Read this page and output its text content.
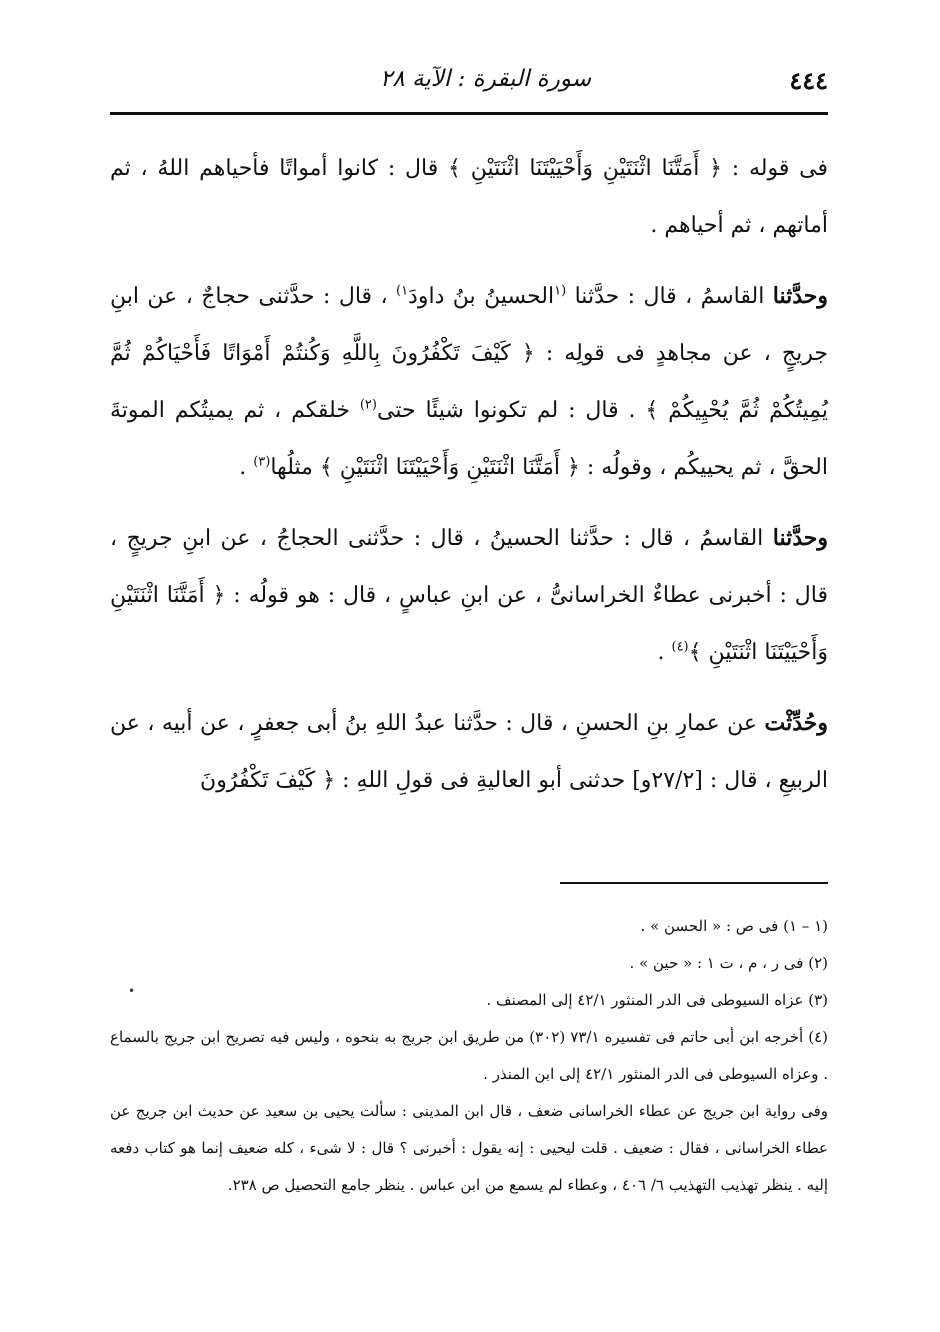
٤٤٤
سورة البقرة : الآية ٢٨

فى قوله : ﴿ أَمَتَّنَا اثْنَتَيْنِ وَأَحْيَيْتَنَا اثْنَتَيْنِ ﴾ قال : كانوا أمواتًا فأحياهم اللهُ ، ثم أماتهم ، ثم أحياهم .

وحدَّثنا القاسمُ ، قال : حدَّثنا $^{(١}$الحسينُ بنُ داودَ$^{١)}$ ، قال : حدَّثنى حجاجٌ ، عن ابنِ جريجٍ ، عن مجاهدٍ فى قولِه : ﴿ كَيْفَ تَكْفُرُونَ بِاللَّهِ وَكُنتُمْ أَمْوَاتًا فَأَحْيَاكُمْ ثُمَّ يُمِيتُكُمْ ثُمَّ يُحْيِيكُمْ ﴾ . قال : لم تكونوا شيئًا حتى$^{(٢)}$ خلقكم ، ثم يميتُكم الموتةَ الحقَّ ، ثم يحييكُم ، وقولُه : ﴿ أَمَتَّنَا اثْنَتَيْنِ وَأَحْيَيْتَنَا اثْنَتَيْنِ ﴾ مثلُها$^{(٣)}$ .

وحدَّثنا القاسمُ ، قال : حدَّثنا الحسينُ ، قال : حدَّثنى الحجاجُ ، عن ابنِ جريجٍ ، قال : أخبرنى عطاءٌ الخراسانىُّ ، عن ابنِ عباسٍ ، قال : هو قولُه : ﴿ أَمَتَّنَا اثْنَتَيْنِ وَأَحْيَيْتَنَا اثْنَتَيْنِ ﴾$^{(٤)}$ .

وحُدِّثْت عن عمارِ بنِ الحسنِ ، قال : حدَّثنا عبدُ اللهِ بنُ أبى جعفرٍ ، عن أبيه ، عن الربيعِ ، قال : [٢٧/٢و] حدثنى أبو العاليةِ فى قولِ اللهِ : ﴿ كَيْفَ تَكْفُرُونَ

•

(١ – ١) فى ص : « الحسن » .

(٢) فى ر ، م ، ت ١ : « حين » .

(٣) عزاه السيوطى فى الدر المنثور ٤٢/١ إلى المصنف .

(٤) أخرجه ابن أبى حاتم فى تفسيره ٧٣/١ (٣٠٢) من طريق ابن جريج به بنحوه ، وليس فيه تصريح ابن جريج بالسماع . وعزاه السيوطى فى الدر المنثور ٤٢/١ إلى ابن المنذر .

وفى رواية ابن جريج عن عطاء الخراسانى ضعف ، قال ابن المدينى : سألت يحيى بن سعيد عن حديث ابن جريج عن عطاء الخراسانى ، فقال : ضعيف . قلت ليحيى : إنه يقول : أخبرنى ؟ قال : لا شىء ، كله ضعيف إنما هو كتاب دفعه إليه . ينظر تهذيب التهذيب ٦/ ٤٠٦ ، وعطاء لم يسمع من ابن عباس . ينظر جامع التحصيل ص ٢٣٨.
